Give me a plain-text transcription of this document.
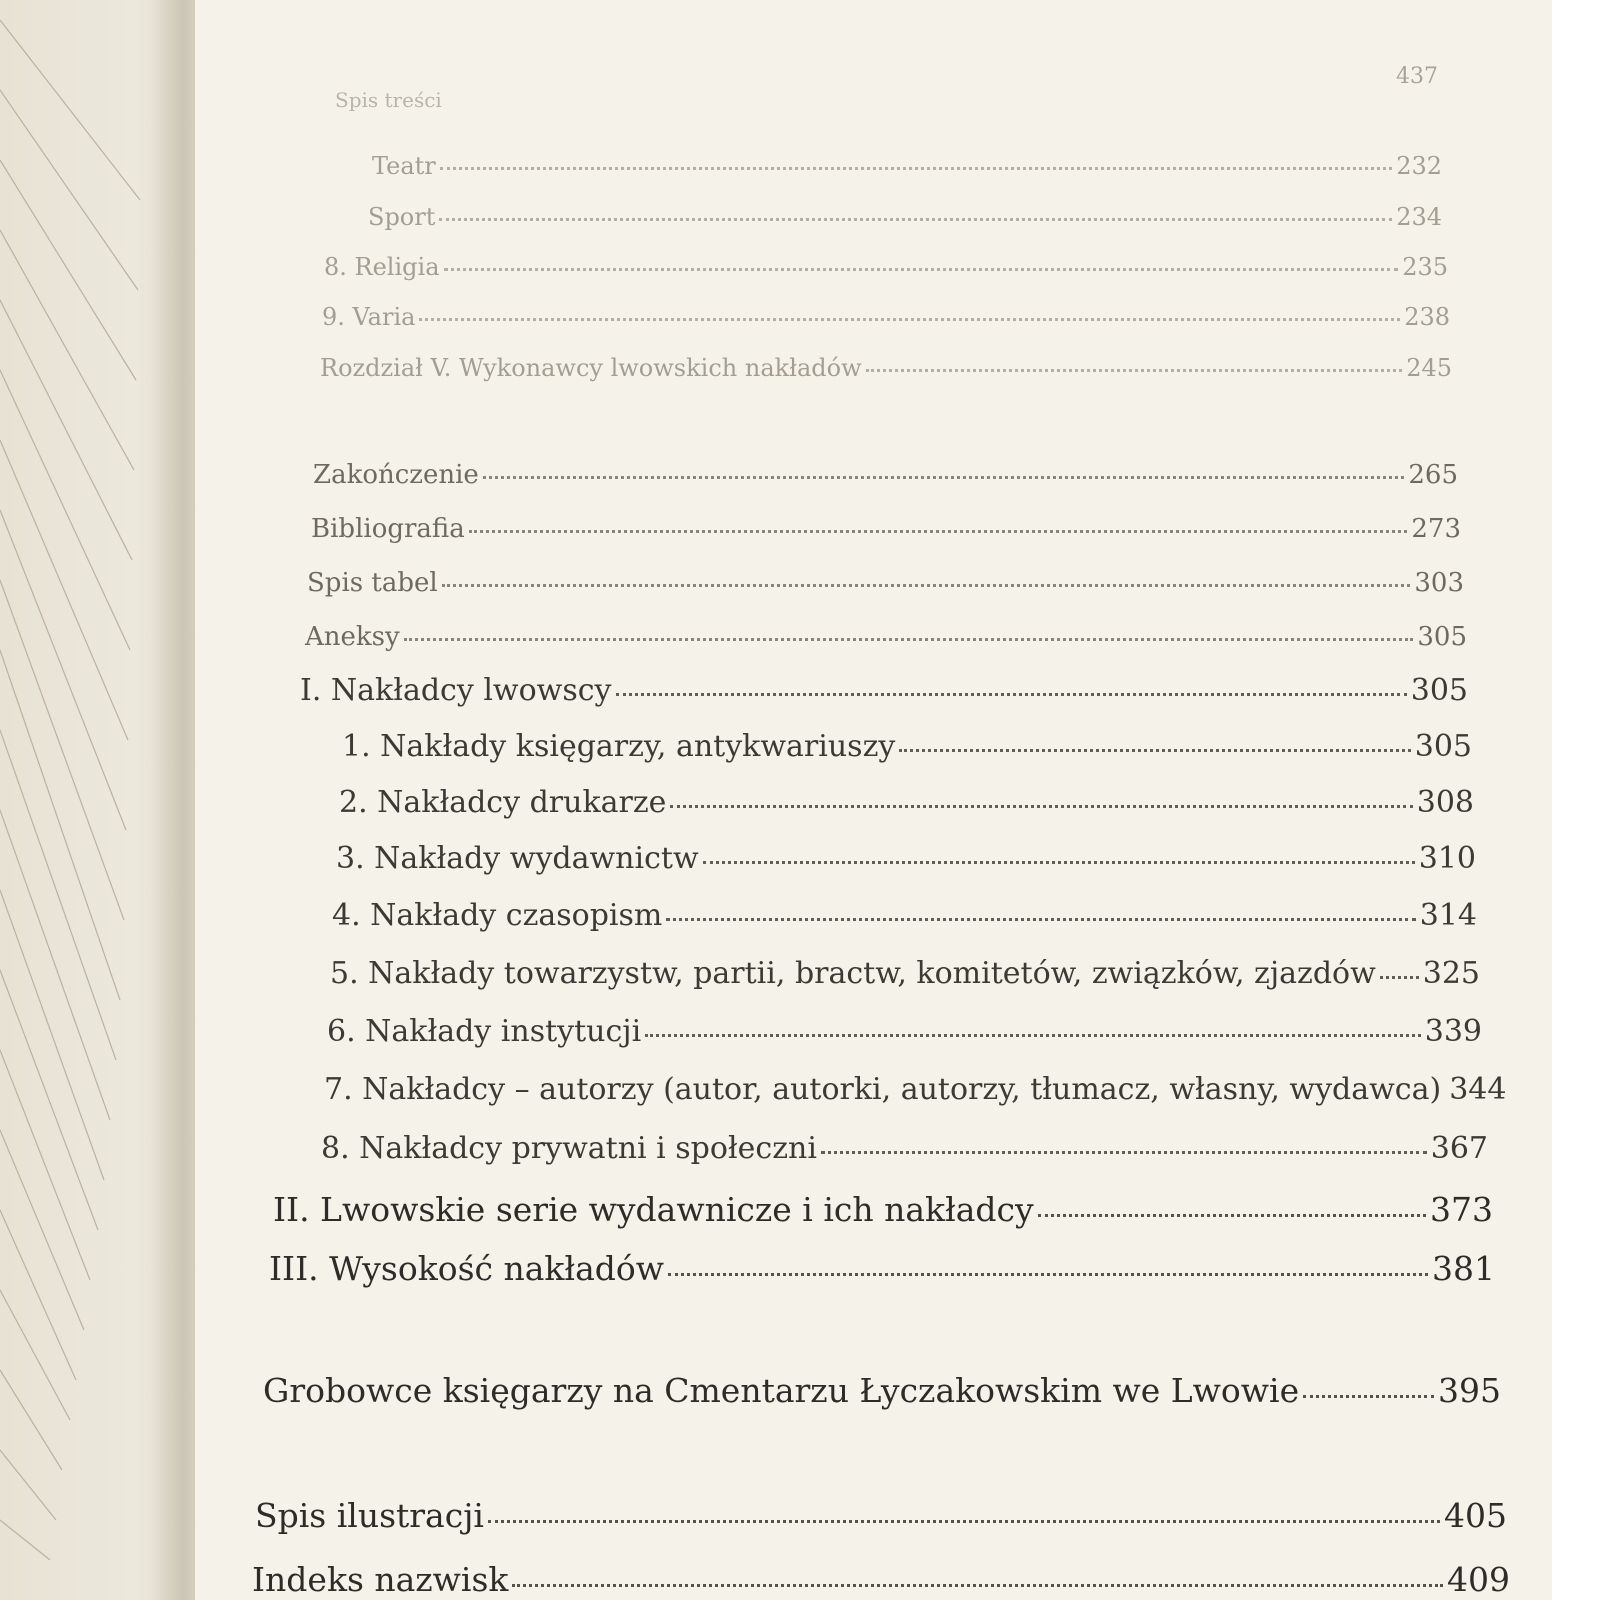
Spis treści
437
Teatr	232
Sport	234
8. Religia	235
9. Varia	238
Rozdział V. Wykonawcy lwowskich nakładów	245
Zakończenie	265
Bibliografia	273
Spis tabel	303
Aneksy	305
I. Nakładcy lwowscy	305
1. Nakłady księgarzy, antykwariuszy	305
2. Nakładcy drukarze	308
3. Nakłady wydawnictw	310
4. Nakłady czasopism	314
5. Nakłady towarzystw, partii, bractw, komitetów, związków, zjazdów 325
6. Nakłady instytucji	339
7. Nakładcy – autorzy (autor, autorki, autorzy, tłumacz, własny, wydawca) 344
8. Nakładcy prywatni i społeczni	367
II. Lwowskie serie wydawnicze i ich nakładcy	373
III. Wysokość nakładów	381
Grobowce księgarzy na Cmentarzu Łyczakowskim we Lwowie	395
Spis ilustracji	405
Indeks nazwisk	409
